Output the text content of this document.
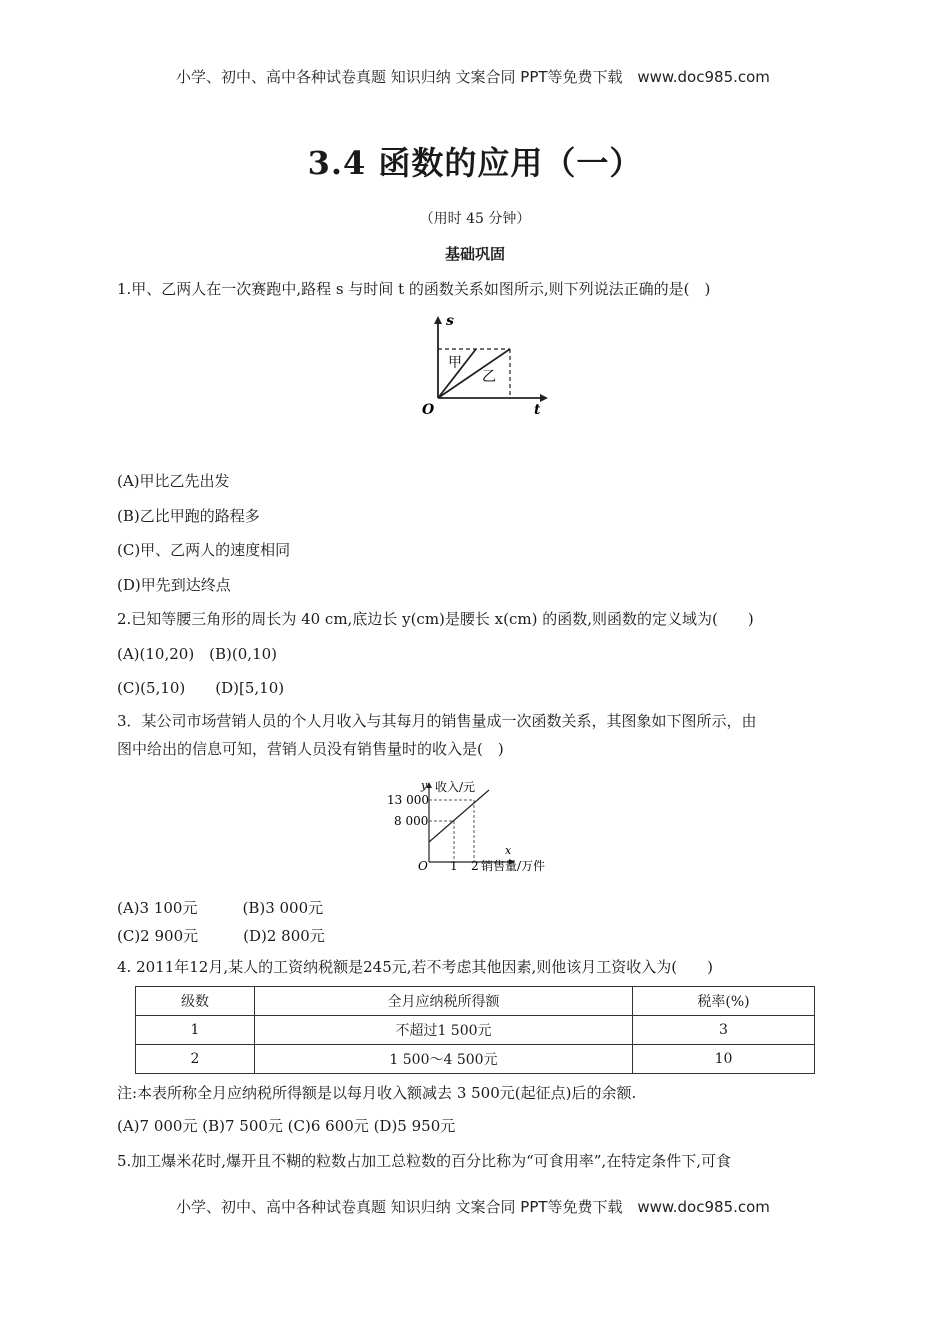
小学、初中、高中各种试卷真题 知识归纳 文案合同 PPT等免费下载 www.doc985.com
3.4 函数的应用（一）
（用时 45 分钟）
基础巩固
1.甲、乙两人在一次赛跑中,路程 s 与时间 t 的函数关系如图所示,则下列说法正确的是(　)
s
t
O
甲
乙
(A)甲比乙先出发
(B)乙比甲跑的路程多
(C)甲、乙两人的速度相同
(D)甲先到达终点
2.已知等腰三角形的周长为 40 cm,底边长 y(cm)是腰长 x(cm) 的函数,则函数的定义域为(　　)
(A)(10,20)　(B)(0,10)
(C)(5,10)　　(D)[5,10)
3．某公司市场营销人员的个人月收入与其每月的销售量成一次函数关系，其图象如下图所示，由
图中给出的信息可知，营销人员没有销售量时的收入是(　)
y 收入/元
x
O
13 000
8 000
1 2 销售量/万件
(A)3 100元　　　(B)3 000元
(C)2 900元　　　(D)2 800元
4. 2011年12月,某人的工资纳税额是245元,若不考虑其他因素,则他该月工资收入为(　　)
级数	全月应纳税所得额	税率(%)
1	不超过1 500元	3
2	1 500～4 500元	10
注:本表所称全月应纳税所得额是以每月收入额减去 3 500元(起征点)后的余额.
(A)7 000元 (B)7 500元 (C)6 600元 (D)5 950元
5.加工爆米花时,爆开且不糊的粒数占加工总粒数的百分比称为“可食用率”,在特定条件下,可食
小学、初中、高中各种试卷真题 知识归纳 文案合同 PPT等免费下载 www.doc985.com
